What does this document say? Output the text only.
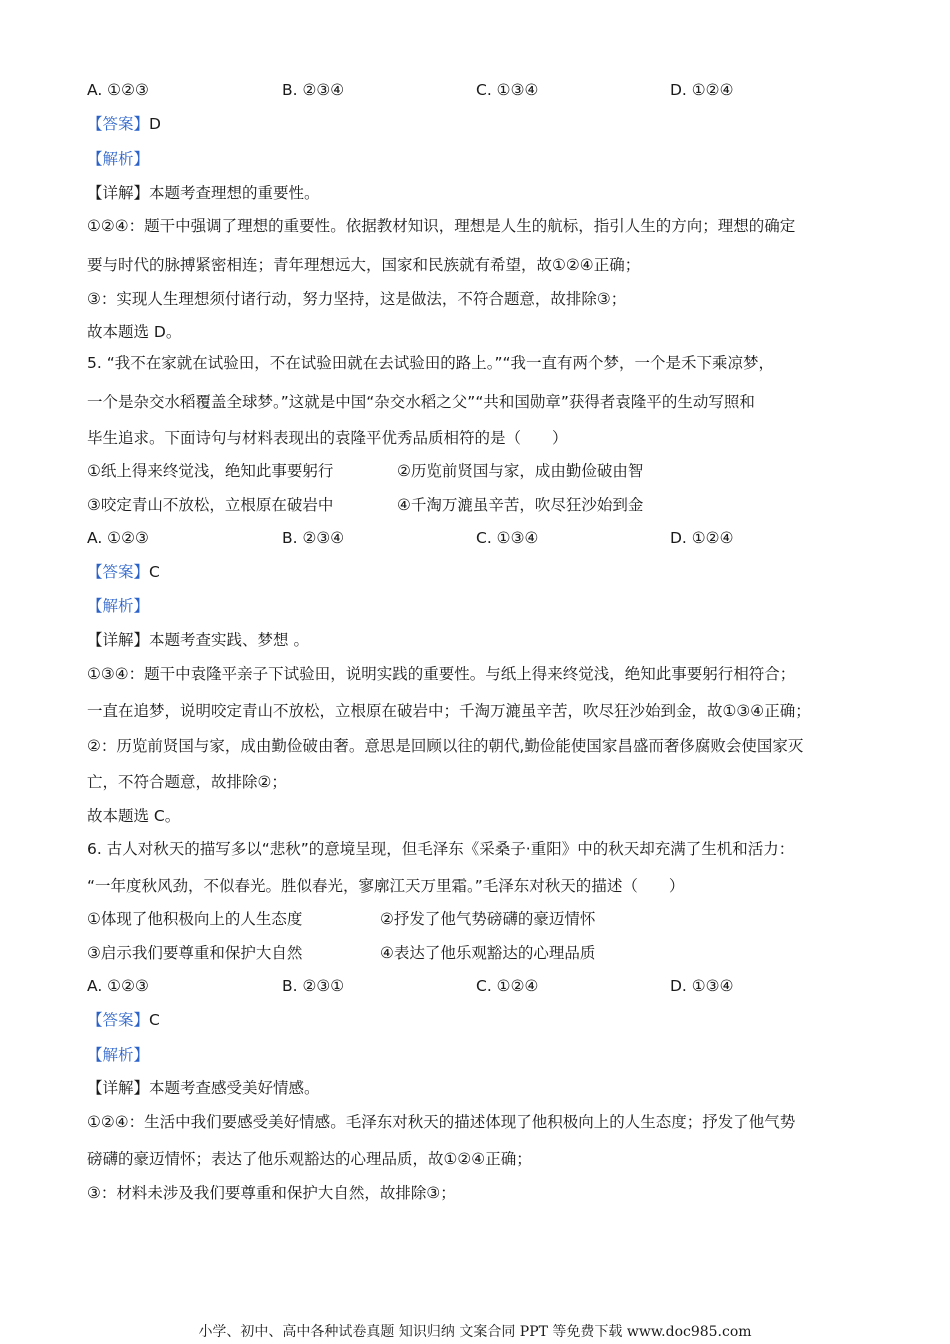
A. ①②③	B. ②③④	C. ①③④	D. ①②④
【答案】D
【解析】
【详解】本题考查理想的重要性。
①②④：题干中强调了理想的重要性。依据教材知识，理想是人生的航标，指引人生的方向；理想的确定
要与时代的脉搏紧密相连；青年理想远大，国家和民族就有希望，故①②④正确；
③：实现人生理想须付诸行动，努力坚持，这是做法，不符合题意，故排除③；
故本题选 D。
5. “我不在家就在试验田，不在试验田就在去试验田的路上。”“我一直有两个梦，一个是禾下乘凉梦，
一个是杂交水稻覆盖全球梦。”这就是中国“杂交水稻之父”“共和国勋章”获得者袁隆平的生动写照和
毕生追求。下面诗句与材料表现出的袁隆平优秀品质相符的是（　　）
①纸上得来终觉浅，绝知此事要躬行	②历览前贤国与家，成由勤俭破由智
③咬定青山不放松，立根原在破岩中	④千淘万漉虽辛苦，吹尽狂沙始到金
A. ①②③	B. ②③④	C. ①③④	D. ①②④
【答案】C
【解析】
【详解】本题考查实践、梦想 。
①③④：题干中袁隆平亲子下试验田，说明实践的重要性。与纸上得来终觉浅，绝知此事要躬行相符合；
一直在追梦，说明咬定青山不放松，立根原在破岩中；千淘万漉虽辛苦，吹尽狂沙始到金，故①③④正确；
②：历览前贤国与家，成由勤俭破由奢。意思是回顾以往的朝代,勤俭能使国家昌盛而奢侈腐败会使国家灭
亡，不符合题意，故排除②；
故本题选 C。
6. 古人对秋天的描写多以“悲秋”的意境呈现，但毛泽东《采桑子·重阳》中的秋天却充满了生机和活力：
“一年度秋风劲，不似春光。胜似春光，寥廓江天万里霜。”毛泽东对秋天的描述（　　）
①体现了他积极向上的人生态度	②抒发了他气势磅礴的豪迈情怀
③启示我们要尊重和保护大自然	④表达了他乐观豁达的心理品质
A. ①②③	B. ②③①	C. ①②④	D. ①③④
【答案】C
【解析】
【详解】本题考查感受美好情感。
①②④：生活中我们要感受美好情感。毛泽东对秋天的描述体现了他积极向上的人生态度；抒发了他气势
磅礴的豪迈情怀；表达了他乐观豁达的心理品质，故①②④正确；
③：材料未涉及我们要尊重和保护大自然，故排除③；
小学、初中、高中各种试卷真题 知识归纳 文案合同 PPT 等免费下载 www.doc985.com
